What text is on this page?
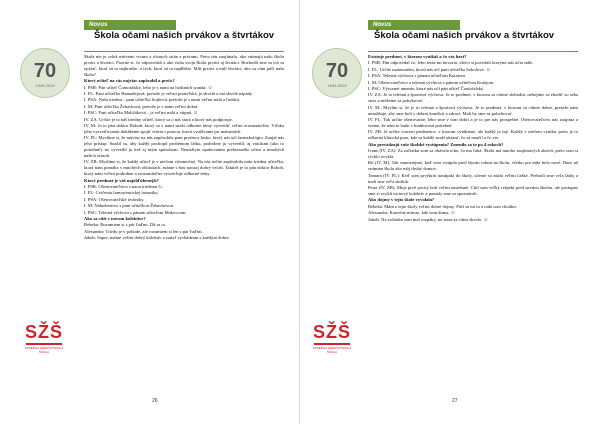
Novus
Škola očami našich prvákov a štvrtákov
70
1949-2019

Škola nie je celok mŕtvemi vrstmi z rôznych strán a prácami. Preto nás zaujímalo, ako vnímajú našu školu prváci a štvrtáci. Pozrite si, čo odpovedali a ako vidia svoju školu prváci aj štvrtáci. Rozhodli sme sa ich sa opýtať, ktorí sú tu najkratšie, a tých, ktorí sú tu najdlhšie. Milí prváci a milí štvrtáci, ako sa vám páči naša škola?

Ktorý učiteľ na vás najviac zapôsobil a prečo?

I. PSR: Pán učiteľ Čontofalský, lebo je s nami na hodinách sranda. ☺

I. FL: Pani učiteľka Hamadejová, pretože je veľmi priateľská, je skvelá a má skvelé nápady.

I. PSA: Naša triedna – pani učiteľka Sojková, pretože je s nami veľmi milá a ľudská.

I. M: Pani učiteľka Žehachová, pretože je s nami veľmi dobrá.

I. PSC: Pani učiteľka Maličáková – je veľmi milá a vtipná. ☺

IV. ZA: Určite je to náš triedny učiteľ, ktorý sa o nás stará a ktorý nás podporuje.

IV. M: Je to pán doktor Rohoň, ktorý sa s nami snaží odborne témy vysvetliť veľmi zrozumiteľne. Vďaka jeho vysvetľovaniu dokážeme spojiť teóriu s praxou, ktorú využívame pri maturitách.

IV. FL: Myslíme si, že najviac na nás zapôsobila pani profesor Jasko, ktorý nás učí farmakológiu. Zaujal nás jeho prístup. Snažil sa, aby každý pochopil probémom látku, podrobne ju vysvetlil, aj vtáciknit (ako to potrebné), no vysvetlil ju tiež aj iným spôsobom. Neustálym opakovaním preberaného učiva a mnohých našich otázok.

IV. ZB: Myslíme si, že každý učiteľ je v niečom výnimočný. Na nás určite zapôsobila naša triedna učiteľka, ktorá nám pomáha v mnohých oblastiach, máme s ňou naozaj dobrý vzťah. Taktiež je to pán doktor Rohoň, ktorý nám veľmi podrobne a zrozumiteľne vysvetľuje odborné témy.

Ktorý predmet je váš najobľúbenejší?

I. PSR: Ošetrovateľstvo s naou triednou G.

I. FL: Cvičenia farmaceutickej botaniky.

I. PSA: Ošetrovateľské techniky.

I. M: Náboženstvo s pani učiteľkou Žehachovou.

I. PSC: Telesná výchova s pánom učiteľom Makovcom.

Ako sa cítiš v novom kolektíve?

Rebeka: Rozumiem si s pár ľuďmi. Dá sa to.

Alexandra: Triedu je v pohode, ale rozumiem si len s pár ľuďmi.

Jakob: Super, máme veľmi dobrý kolektív a zatiaľ vychádzam s každým dobre.

SŽŠ
STREDNÁ ZDRAVOTNÍCKA ŠKOLA
26
Novus
Škola očami našich prvákov a štvrtákov
70
1949-2019

Existuje predmet, v ktorom vynikáš a čo vás baví?

I. PSR: Pán odpovedal vo, lebo teraz mi hovoria, všetci si povedali ktorými nás učia stále.

I. FL: Určite matematika, ktorú nás učí pani učiteľka Sokolová. ☺

I. PSA: Telesná výchova s pánom učiteľom Kutejom.

I. M: Ošetrovateľstvo a telesná výchova s pánom učiteľom Kutejom.

I. PSC: Výtvarné umenie, ktoré nás učí pán učiteľ Čontofalský.

IV. ZA: Je to telesná a športová výchova. Je to predmet, v ktorom sa cítime slobodní, nebojíme sa zhodiť zo seba stres a môžeme sa pohybovať.

IV. M.: Myslím si, že je to telesná a športová výchova. Je to predmet, v ktorom sa cítime dobre, pretože nám umožňuje, aby sme boli v dobrej kondícii a zdraví. Mali by sme sa pohybovať.

IV. FL: Tak určite ošetrovanie, lebo sme v tom dobrí a je to pre nás prospešné. Ošetrovateľstvo nás zaujíma a vieme, že nám to bude v budúcnosti potrebné.

IV. ZB: Je určite viacero predmetov, v ktorom vynikáme, ale každý je iný. Každý v niečom vyniká, preto je to odborná klinická prax, kde sa každý snaží ukázať, čo sa naučil a čo vie.

Ako prevádzajú vaše školské vystúpenia? Zmenilo sa to po 4 rokoch?

Ivane (IV. ZA): Za začiatku som sa obávala toho, čo ma čaká. Škola má mnoho zaujímavých aktivít, preto som si rýchlo zvykla.

Rit (IV. M): Tak samozrejme, keď som vstúpila pred štyrmi rokmi na školu, všetko pre mňa bolo nové. Dnes už vnímam školu ako môj druhý domov.

Tamara (IV. FL): Keď som prvýkrát nastúpila do školy, učenie sa zdalo veľmi ťažké. Prebrali sme veľa látky a mali sme veľa skúšok.

Petra (IV. ZB): Moje prvé pocity boli veľmi zmiešané. Cítil som veľký rešpekt pred stredou školou, ale postupne sme si zvykli na nový kolektív a pomaly sme sa spoznávali.

Ako dojmy v tejto škole vyvolala?

Rebeka: Mám z tejto školy veľmi dobré dojmy. Páči sa mi tu a rada som chodím.

Alexandra: Konečne miesto, kde som doma. ☺

Jakob: Na začiatku som mal rozpaky, no teraz sa cítim skvelo. ☺

SŽŠ
STREDNÁ ZDRAVOTNÍCKA ŠKOLA
27
